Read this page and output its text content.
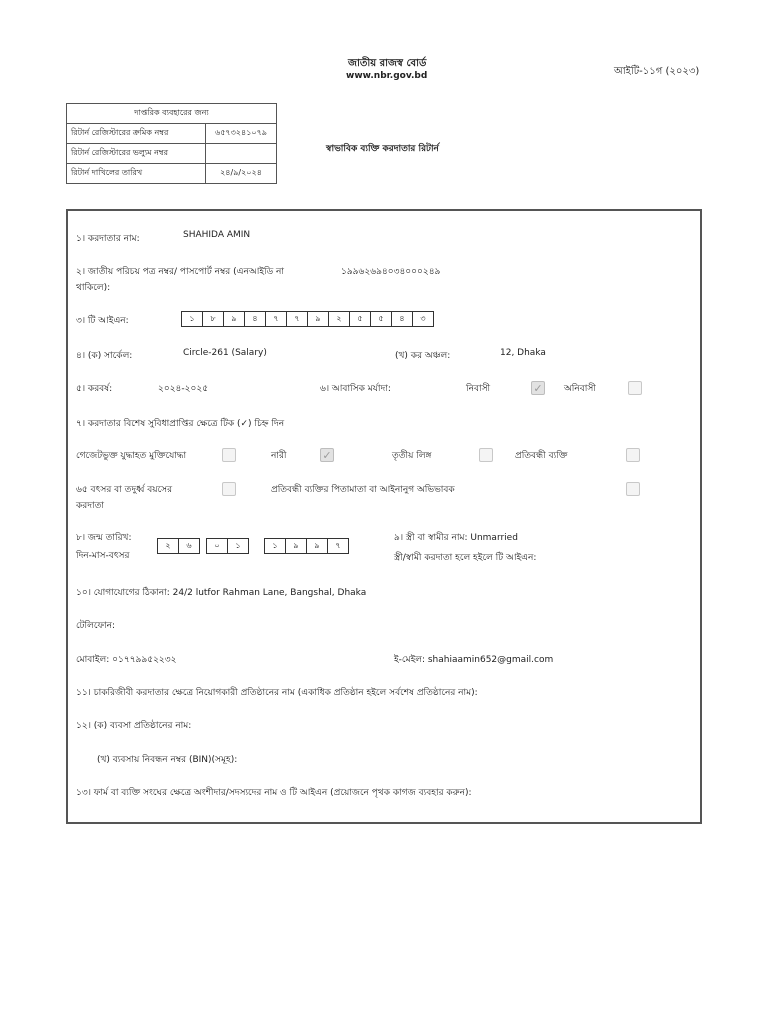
জাতীয় রাজস্ব বোর্ড
www.nbr.gov.bd	আইটি-১১গ (২০২৩)
দাপ্তরিক ব্যবহারের জন্য	
রিটার্ন রেজিস্টারের ক্রমিক নম্বর	৬৫৭৩২৪১০৭৯
রিটার্ন রেজিস্টারের ভল্যুম নম্বর	
রিটার্ন দাখিলের তারিখ	২৪/৯/২০২৪
স্বাভাবিক ব্যক্তি করদাতার রিটার্ন
১। করদাতার নাম:	SHAHIDA AMIN
২। জাতীয় পরিচয় পত্র নম্বর/ পাসপোর্ট নম্বর (এনআইডি না
থাকিলে):
১৯৯৬২৬৯৪০৩৪০০০২৪৯
৩। টি আইএন:	১	৮	৯	৪	৭	৭	৯	২	৫	৫	৪	৩
৪। (ক) সার্কেল:	Circle-261 (Salary)	(খ) কর অঞ্চল:	12, Dhaka
৫। করবর্ষ:	২০২৪-২০২৫	৬। আবাসিক মর্যাদা:	নিবাসী	✓ অনিবাসী
৭। করদাতার বিশেষ সুবিধাপ্রাপ্তির ক্ষেত্রে টিক (✓) চিহ্ন দিন
গেজেটভুক্ত যুদ্ধাহত মুক্তিযোদ্ধা	নারী	✓	তৃতীয় লিঙ্গ	প্রতিবন্ধী ব্যক্তি
৬৫ বৎসর বা তদুর্ধ্ব বয়সের
করদাতা
প্রতিবন্ধী ব্যক্তির পিতামাতা বা আইনানুগ অভিভাবক
৮। জন্ম তারিখ:
দিন-মাস-বৎসর
২	৬	০	১	১	৯	৯	৭
৯। স্ত্রী বা স্বামীর নাম: Unmarried
স্ত্রী/স্বামী করদাতা হলে হইলে টি আইএন:
১০। যোগাযোগের ঠিকানা: 24/2 lutfor Rahman Lane, Bangshal, Dhaka
টেলিফোন:
মোবাইল: ০১৭৭৯৯৫২২৩২	ই-মেইল: shahiaamin652@gmail.com
১১। চাকরিজীবী করদাতার ক্ষেত্রে নিয়োগকারী প্রতিষ্ঠানের নাম (একাধিক প্রতিষ্ঠান হইলে সর্বশেষ প্রতিষ্ঠানের নাম):
১২। (ক) ব্যবসা প্রতিষ্ঠানের নাম:
(খ) ব্যবসায় নিবন্ধন নম্বর (BIN)(সমূহ):
১৩। ফার্ম বা ব্যক্তি সংঘের ক্ষেত্রে অংশীদার/সদস্যদের নাম ও টি আইএন (প্রয়োজনে পৃথক কাগজ ব্যবহার করুন):
